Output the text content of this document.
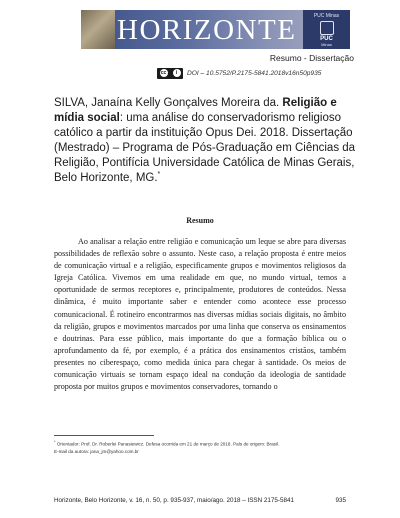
HORIZONTE	PUC Minas
PUC
Minas
Resumo - Dissertação
cc	i	DOI – 10.5752/P.2175-5841.2018v16n50p935
SILVA, Janaína Kelly Gonçalves Moreira da. Religião e mídia social: uma análise do conservadorismo religioso católico a partir da instituição Opus Dei. 2018. Dissertação (Mestrado) – Programa de Pós-Graduação em Ciências da Religião, Pontifícia Universidade Católica de Minas Gerais, Belo Horizonte, MG.*
Resumo
Ao analisar a relação entre religião e comunicação um leque se abre para diversas possibilidades de reflexão sobre o assunto. Neste caso, a relação proposta é entre meios de comunicação virtual e a religião, especificamente grupos e movimentos religiosos da Igreja Católica. Vivemos em uma realidade em que, no mundo virtual, temos a oportunidade de sermos receptores e, principalmente, produtores de conteúdos. Nessa dinâmica, é muito importante saber e entender como acontece esse processo comunicacional. É rotineiro encontrarmos nas diversas mídias sociais digitais, no âmbito da religião, grupos e movimentos marcados por uma linha que conserva os ensinamentos e doutrinas. Para esse público, mais importante do que a formação bíblica ou o aprofundamento da fé, por exemplo, é a prática dos ensinamentos cristãos, também presentes no ciberespaço, como medida única para chegar à santidade. Os meios de comunicação virtuais se tornam espaço ideal na condução da ideologia de santidade proposta por muitos grupos e movimentos conservadores, tornando o
* Orientador: Prof. Dr. Roberlei Panasiewicz. Defesa ocorrida em 21 de março de 2018. País de origem: Brasil.
E-mail da autora: jana_jm@yahoo.com.br
Horizonte, Belo Horizonte, v. 16, n. 50, p. 935-937, maio/ago. 2018 – ISSN 2175-5841	935
